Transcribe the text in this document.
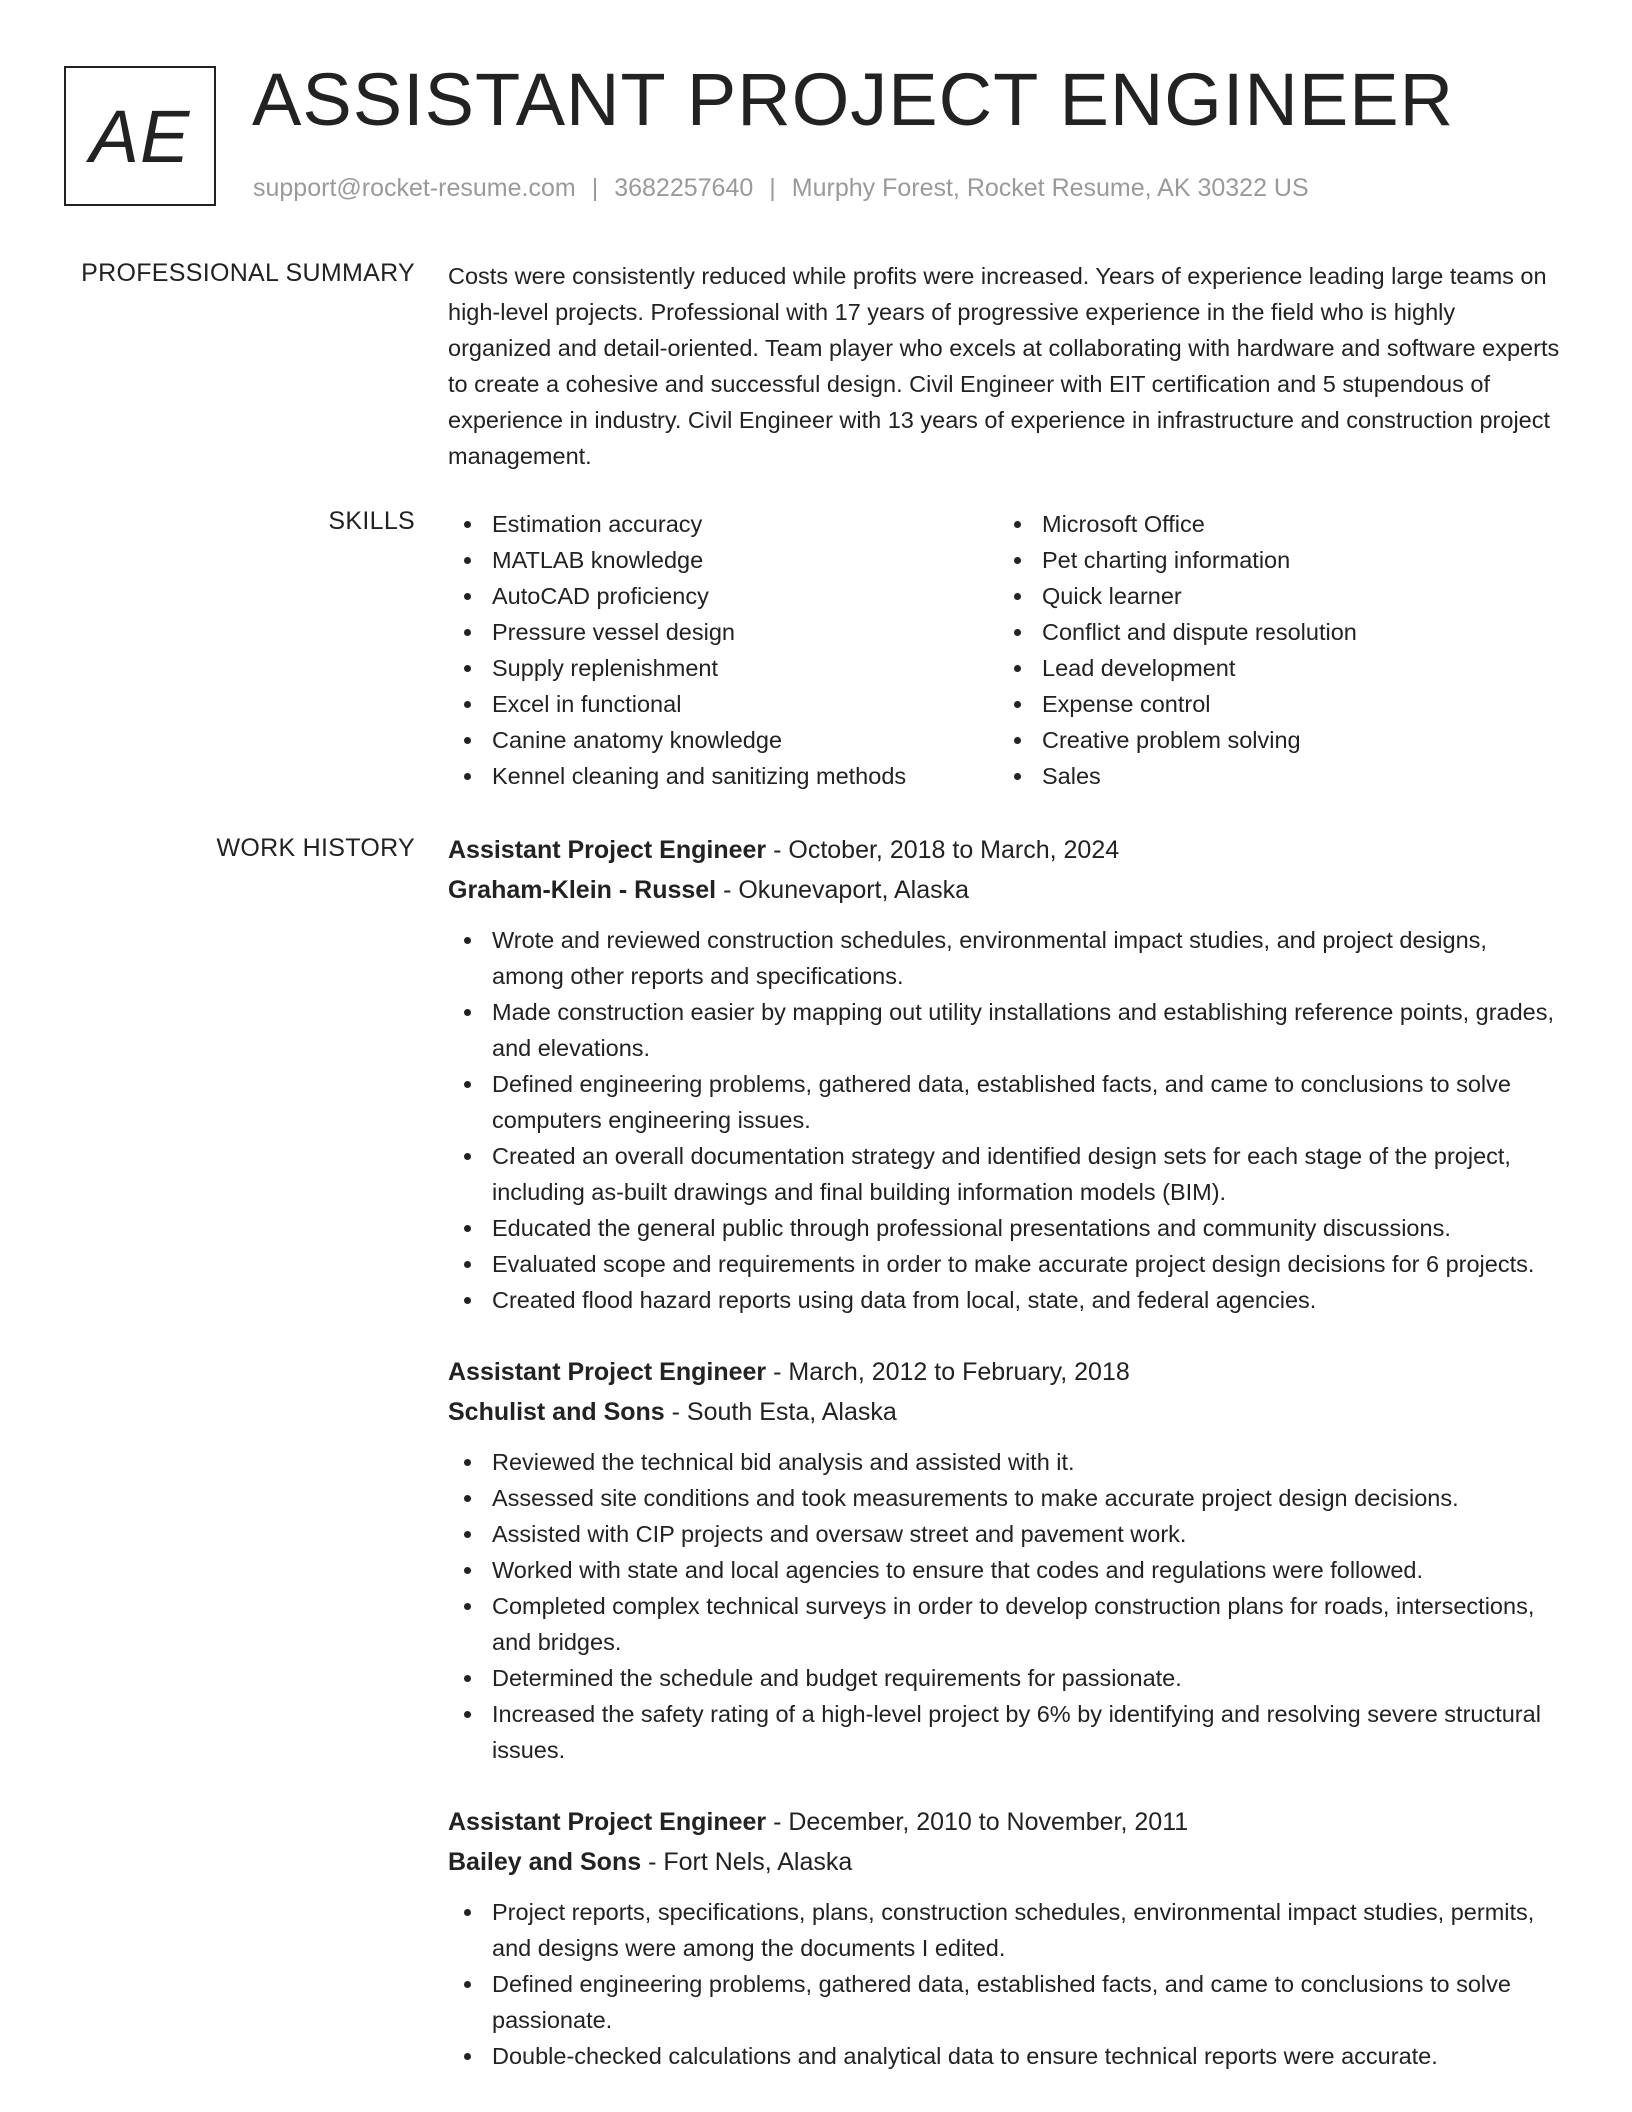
AE ASSISTANT PROJECT ENGINEER
support@rocket-resume.com | 3682257640 | Murphy Forest, Rocket Resume, AK 30322 US
PROFESSIONAL SUMMARY Costs were consistently reduced while profits were increased. Years of experience leading large teams on high-level projects. Professional with 17 years of progressive experience in the field who is highly organized and detail-oriented. Team player who excels at collaborating with hardware and software experts to create a cohesive and successful design. Civil Engineer with EIT certification and 5 stupendous of experience in industry. Civil Engineer with 13 years of experience in infrastructure and construction project management.

SKILLS	Estimation accuracy
MATLAB knowledge
AutoCAD proficiency
Pressure vessel design
Supply replenishment
Excel in functional
Canine anatomy knowledge
Kennel cleaning and sanitizing methods
Microsoft Office
Pet charting information
Quick learner
Conflict and dispute resolution
Lead development
Expense control
Creative problem solving
Sales
WORK HISTORY Assistant Project Engineer - October, 2018 to March, 2024
Graham-Klein - Russel - Okunevaport, Alaska
Wrote and reviewed construction schedules, environmental impact studies, and project designs, among other reports and specifications.
Made construction easier by mapping out utility installations and establishing reference points, grades, and elevations.
Defined engineering problems, gathered data, established facts, and came to conclusions to solve computers engineering issues.
Created an overall documentation strategy and identified design sets for each stage of the project, including as-built drawings and final building information models (BIM).
Educated the general public through professional presentations and community discussions.
Evaluated scope and requirements in order to make accurate project design decisions for 6 projects.
Created flood hazard reports using data from local, state, and federal agencies.
Assistant Project Engineer - March, 2012 to February, 2018
Schulist and Sons - South Esta, Alaska
Reviewed the technical bid analysis and assisted with it.
Assessed site conditions and took measurements to make accurate project design decisions.
Assisted with CIP projects and oversaw street and pavement work.
Worked with state and local agencies to ensure that codes and regulations were followed.
Completed complex technical surveys in order to develop construction plans for roads, intersections, and bridges.
Determined the schedule and budget requirements for passionate.
Increased the safety rating of a high-level project by 6% by identifying and resolving severe structural issues.
Assistant Project Engineer - December, 2010 to November, 2011
Bailey and Sons - Fort Nels, Alaska
Project reports, specifications, plans, construction schedules, environmental impact studies, permits, and designs were among the documents I edited.
Defined engineering problems, gathered data, established facts, and came to conclusions to solve passionate.
Double-checked calculations and analytical data to ensure technical reports were accurate.
